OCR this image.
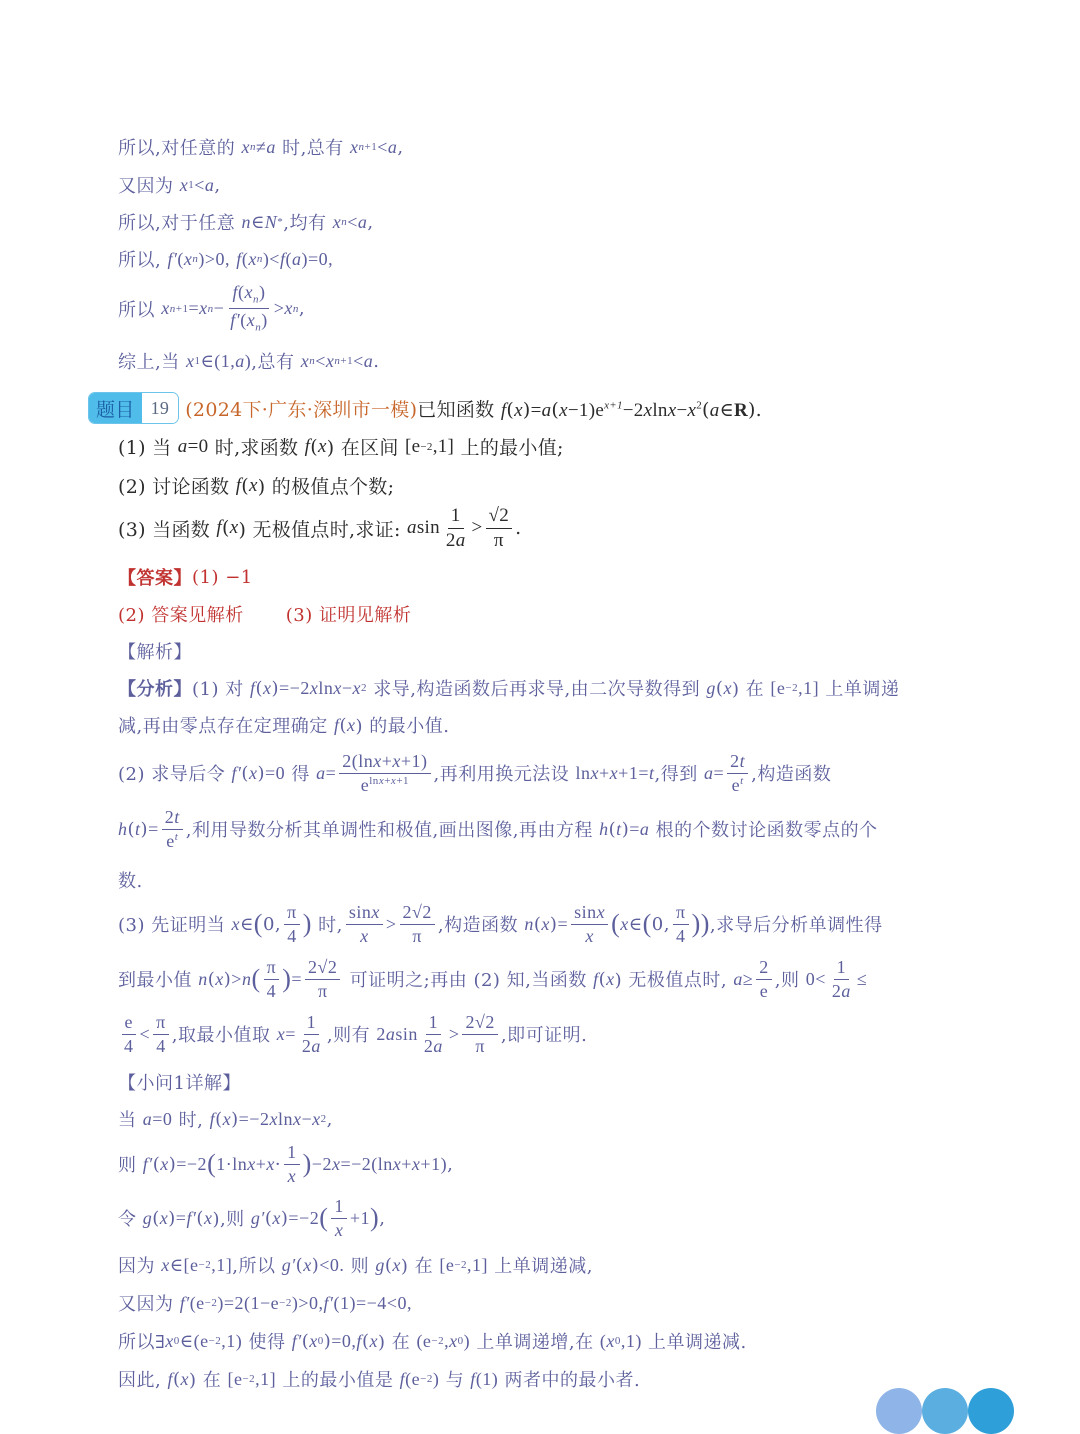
所以,对任意的 x n ≠ a 时,总有 x n +1 < a ,
又因为 x 1 < a ,
所以,对于任意 n ∈ N * ,均有 x n < a ,
所以, f′ ( x n )>0,
f ( x n )< f ( a )=0,
所以 x n +1 = x $n - \frac{f(x_n)}{f'(x_n)} > x$ n ,
综上,当 x 1 ∈(1, a ) ,总有 x n < x n +1 < a .
题目 19 (2024下·广东·深圳市一模) 已知函数 $f(x)=a(x-1)e^{x+1}-2xlnx-x^2(a\in R)$.
(1) 当 a =0 时,求函数 f ( x ) 在区间 [e −2 ,1] 上的最小值;
(2) 讨论函数 f ( x ) 的极值点个数;
(3) 当函数 f ( x ) 无极值点时,求证: a $\sin \frac{1}{2a} > \frac{√2}{\pi}$ .
【答案】 (1) −1
(2) 答案见解析 (3) 证明见解析
【解析】
【分析】 (1) 对 f ( x ) =−2 x ln x − x 2 求导,构造函数后再求导,由二次导数得到 g ( x ) 在 [e −2 ,1] 上单调递
减,再由零点存在定理确定 f ( x ) 的最小值.
(2) 求导后令 f′ ( x ) =0 得 $a = \frac{2(\ln x+x+1)}{e^{lnx+x+1}}$ ,再利用换元法设 ln x + x +1= t ,得到 $a = \frac{2t}{e^t}$ ,构造函数
h ( t ) = $\frac{2t}{e^t}$ ,利用导数分析其单调性和极值,画出图像,再由方程 h ( t ) = a 根的个数讨论函数零点的个
数.
(3) 先证明当 x ∈ ( 0, $\frac{\pi}{4}$ ) 时, $\frac{\sin x}{x} > \frac{2√2}{\pi}$ ,构造函数 n ( x ) = $\frac{\sin x}{x}$ ( x ∈ ( 0, $\frac{\pi}{4}$ )) ,求导后分析单调性得
到最小值 n ( x ) > n ( $\frac{\pi}{4}$ ) = $\frac{2√2}{\pi}$ 可证明之;再由 (2) 知,当函数 f ( x ) 无极值点时, $a \ge \frac{2}{e}$ ,则 $0< \frac{1}{2a}$ ≤
$\frac{e}{4} < \frac{\pi}{4}$ ,取最小值取 $x = \frac{1}{2a}$ ,则有 2 a $\sin \frac{1}{2a} > \frac{2√2}{\pi}$ ,即可证明.
【小问1详解】
当 a =0 时, f ( x ) =−2 x ln x − x 2 ,
则 f′ ( x ) =−2 ( 1·ln $x + x \cdot \frac{1}{x}$ ) −2 x =−2(ln x + x +1) ,
令 g ( x ) = f′ ( x ),则 g′ ( x ) =−2 ( $\frac{1}{x} +1$ ) ,
因为 x ∈[e −2 ,1] ,所以 g′ ( x ) <0. 则 g ( x ) 在 [e −2 ,1] 上单调递减,
又因为 f′ (e −2 )=2(1−e −2 )>0, f′ (1)=−4<0,
所以∃ x 0 ∈(e −2 ,1) 使得 f′ ( x 0 ) =0, f ( x ) 在 (e −2 , x 0 ) 上单调递增,在 ( x 0 ,1) 上单调递减.
因此, f ( x ) 在 [e −2 ,1] 上的最小值是 f (e −2 ) 与 f (1) 两者中的最小者.
